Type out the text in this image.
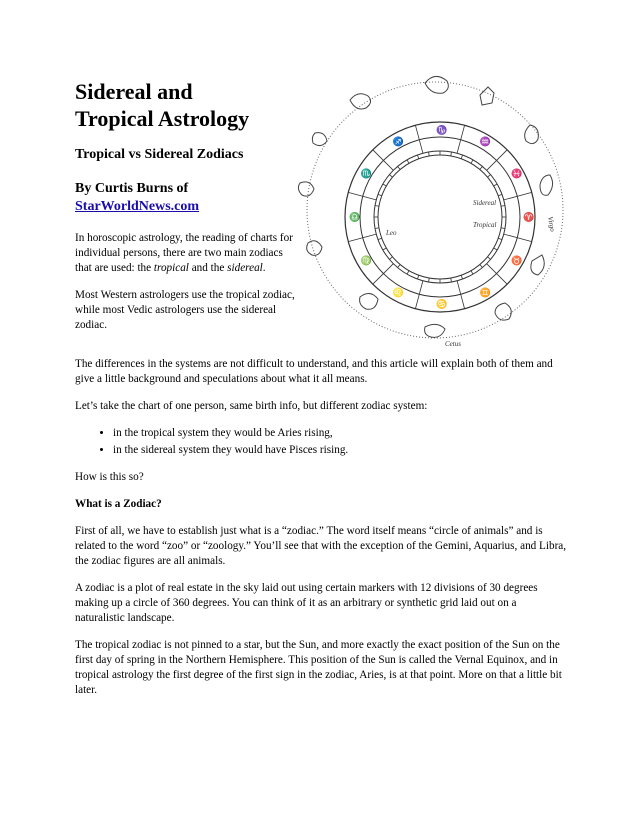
Sidereal and
Tropical Astrology
Tropical vs Sidereal Zodiacs
By Curtis Burns of
StarWorldNews.com

In horoscopic astrology, the reading of charts for individual persons, there are two main zodiacs that are used: the tropical and the sidereal.

Most Western astrologers use the tropical zodiac, while most Vedic astrologers use the sidereal zodiac.

♈
♉
♊
♋
♌
♍
♎
♏
♐
♑
♒
♓
Sidereal
Tropical
Leo
Virgo
Cetus

The differences in the systems are not difficult to understand, and this article will explain both of them and give a little background and speculations about what it all means.

Let’s take the chart of one person, same birth info, but different zodiac system:

• in the tropical system they would be Aries rising,
• in the sidereal system they would have Pisces rising.

How is this so?

What is a Zodiac?

First of all, we have to establish just what is a “zodiac.” The word itself means “circle of animals” and is related to the word “zoo” or “zoology.” You’ll see that with the exception of the Gemini, Aquarius, and Libra, the zodiac figures are all animals.

A zodiac is a plot of real estate in the sky laid out using certain markers with 12 divisions of 30 degrees making up a circle of 360 degrees. You can think of it as an arbitrary or synthetic grid laid out on a naturalistic landscape.

The tropical zodiac is not pinned to a star, but the Sun, and more exactly the exact position of the Sun on the first day of spring in the Northern Hemisphere. This position of the Sun is called the Vernal Equinox, and in tropical astrology the first degree of the first sign in the zodiac, Aries, is at that point. More on that a little bit later.
